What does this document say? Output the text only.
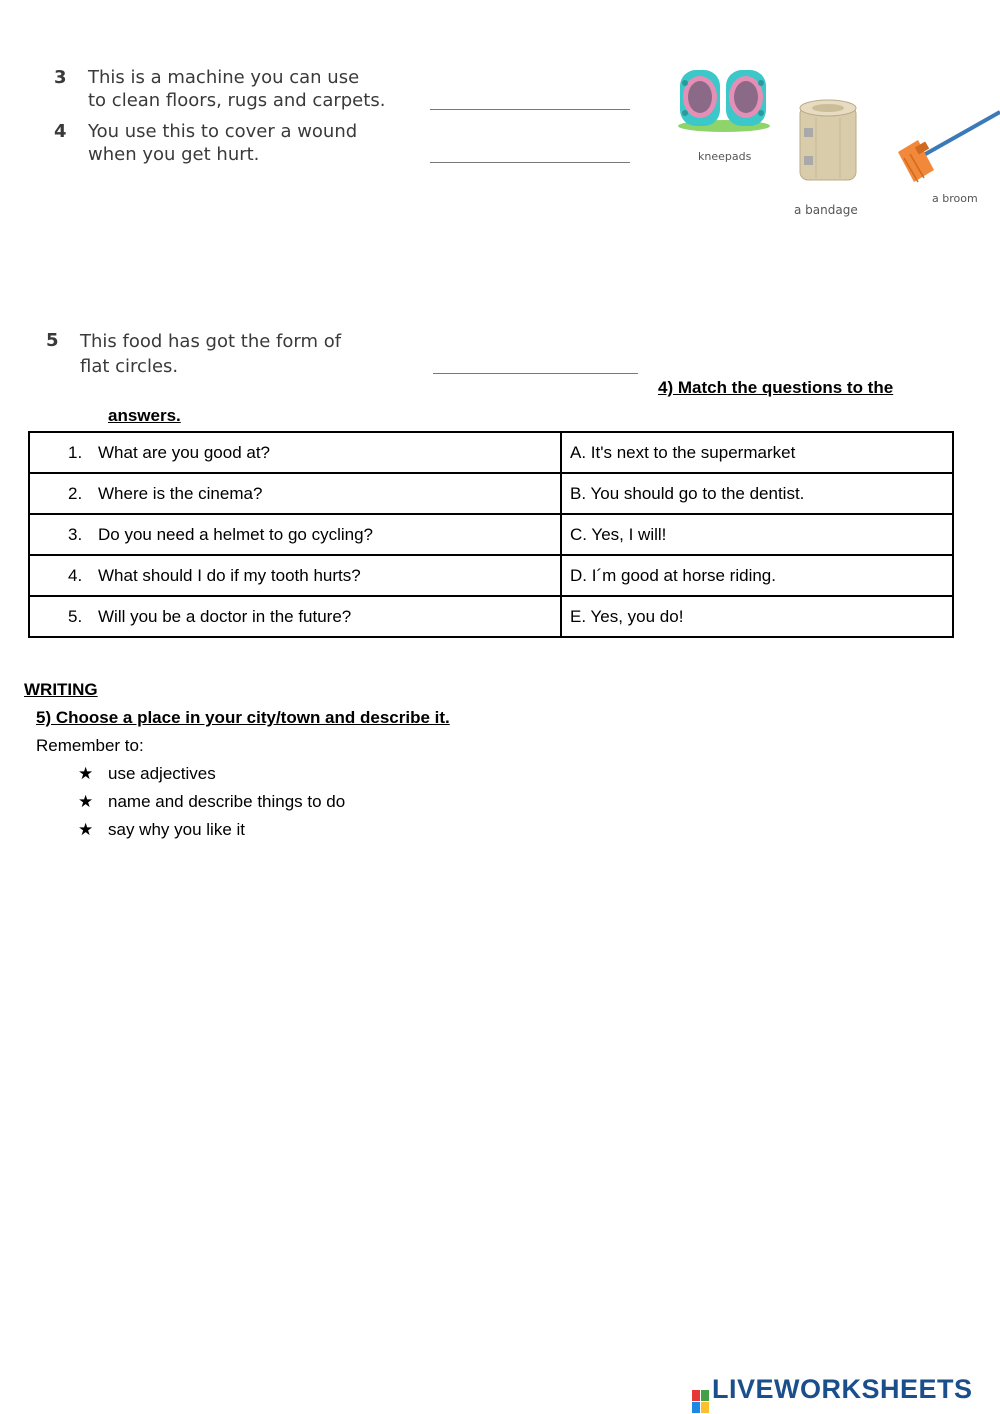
3 This is a machine you can use
to clean floors, rugs and carpets.
4 You use this to cover a wound
when you get hurt.	kneepads
a bandage
a broom
5 This food has got the form of
flat circles.
4) Match the questions to the
answers.
1. What are you good at?	A. It's next to the supermarket
2. Where is the cinema?	B. You should go to the dentist.
3. Do you need a helmet to go cycling?	C. Yes, I will!
4. What should I do if my tooth hurts?	D. I´m good at horse riding.
5. Will you be a doctor in the future?	E. Yes, you do!
WRITING
5) Choose a place in your city/town and describe it.
Remember to:
★ use adjectives
★ name and describe things to do
★ say why you like it
LIVEWORKSHEETS
